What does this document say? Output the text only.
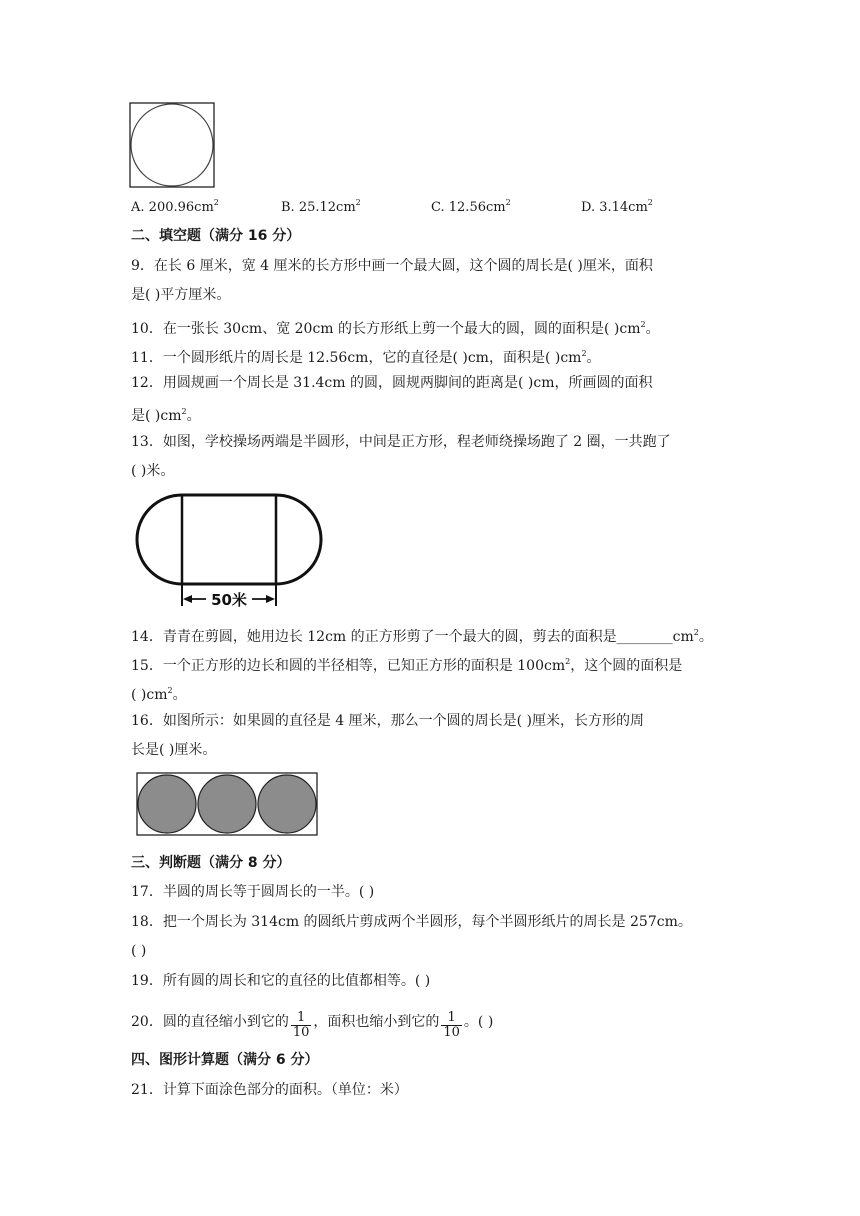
A. $200.96cm^2$	B. $25.12cm^2$	C. $12.56cm^2$	D. $3.14cm^2$
二、填空题（满分 16 分）
9．在长 6 厘米，宽 4 厘米的长方形中画一个最大圆，这个圆的周长是( )厘米，面积
是( )平方厘米。
10．在一张长 30cm、宽 20cm 的长方形纸上剪一个最大的圆，圆的面积是( )$cm^2$。
11．一个圆形纸片的周长是 12.56cm，它的直径是( )cm，面积是( )$cm^2$。
12．用圆规画一个周长是 31.4cm 的圆，圆规两脚间的距离是( )cm，所画圆的面积
是( )$cm^2$。
13．如图，学校操场两端是半圆形，中间是正方形，程老师绕操场跑了 2 圈，一共跑了
( )米。
50米
14．青青在剪圆，她用边长 12cm 的正方形剪了一个最大的圆，剪去的面积是$\_\_\_\_\_\_\_\_cm^2$。
15．一个正方形的边长和圆的半径相等，已知正方形的面积是 $100cm^2$，这个圆的面积是
( )$cm^2$。
16．如图所示：如果圆的直径是 4 厘米，那么一个圆的周长是( )厘米，长方形的周
长是( )厘米。
三、判断题（满分 8 分）
17．半圆的周长等于圆周长的一半。( )
18．把一个周长为 314cm 的圆纸片剪成两个半圆形，每个半圆形纸片的周长是 257cm。
( )
19．所有圆的周长和它的直径的比值都相等。( )
20．圆的直径缩小到它的 $\frac{1}{10}$ ，面积也缩小到它的 $\frac{1}{10}$ 。( )
四、图形计算题（满分 6 分）
21．计算下面涂色部分的面积。（单位：米）
